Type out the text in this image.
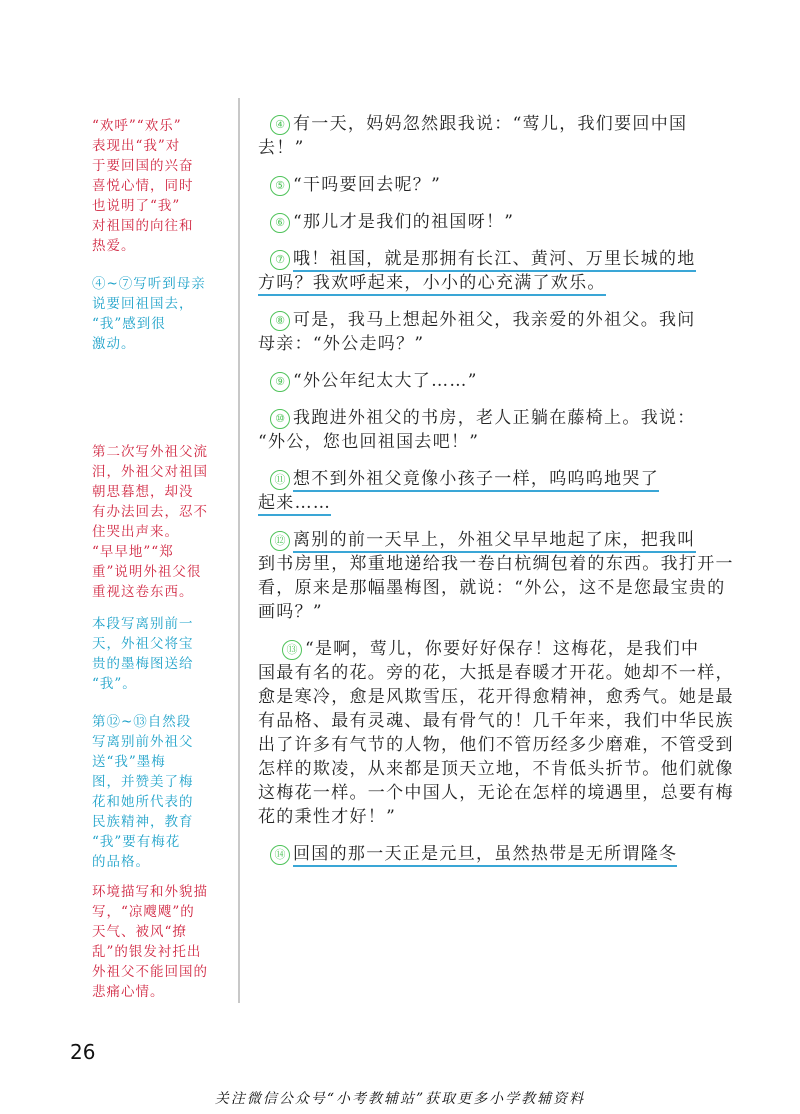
“欢呼”“欢乐”

表现出“我”对

于要回国的兴奋

喜悦心情，同时

也说明了“我”

对祖国的向往和

热爱。

④~⑦写听到母亲

说要回祖国去，

“我”感到很

激动。

第二次写外祖父流

泪，外祖父对祖国

朝思暮想，却没

有办法回去，忍不

住哭出声来。

“早早地”“郑

重”说明外祖父很

重视这卷东西。

本段写离别前一

天，外祖父将宝

贵的墨梅图送给

“我”。

第⑫~⑬自然段

写离别前外祖父

送“我”墨梅

图，并赞美了梅

花和她所代表的

民族精神，教育

“我”要有梅花

的品格。

环境描写和外貌描

写，“凉飕飕”的

天气、被风“撩

乱”的银发衬托出

外祖父不能回国的

悲痛心情。

④ 有一天，妈妈忽然跟我说：“莺儿，我们要回中国
去！”
⑤ “干吗要回去呢？”
⑥ “那儿才是我们的祖国呀！”
⑦ 哦！祖国，就是那拥有长江、黄河、万里长城的地
方吗？我欢呼起来，小小的心充满了欢乐。
⑧ 可是，我马上想起外祖父，我亲爱的外祖父。我问
母亲：“外公走吗？”
⑨ “外公年纪太大了……”
⑩ 我跑进外祖父的书房，老人正躺在藤椅上。我说：
“外公，您也回祖国去吧！”
⑪ 想不到外祖父竟像小孩子一样，呜呜呜地哭了
起来……
⑫ 离别的前一天早上，外祖父早早地起了床，把我叫
到书房里，郑重地递给我一卷白杭绸包着的东西。我打开一
看，原来是那幅墨梅图，就说：“外公，这不是您最宝贵的
画吗？”
⑬ “是啊，莺儿，你要好好保存！这梅花，是我们中
国最有名的花。旁的花，大抵是春暖才开花。她却不一样，
愈是寒冷，愈是风欺雪压，花开得愈精神，愈秀气。她是最
有品格、最有灵魂、最有骨气的！几千年来，我们中华民族
出了许多有气节的人物，他们不管历经多少磨难，不管受到
怎样的欺凌，从来都是顶天立地，不肯低头折节。他们就像
这梅花一样。一个中国人，无论在怎样的境遇里，总要有梅
花的秉性才好！”
⑭ 回国的那一天正是元旦，虽然热带是无所谓隆冬
26
关注微信公众号“小考教辅站”获取更多小学教辅资料
